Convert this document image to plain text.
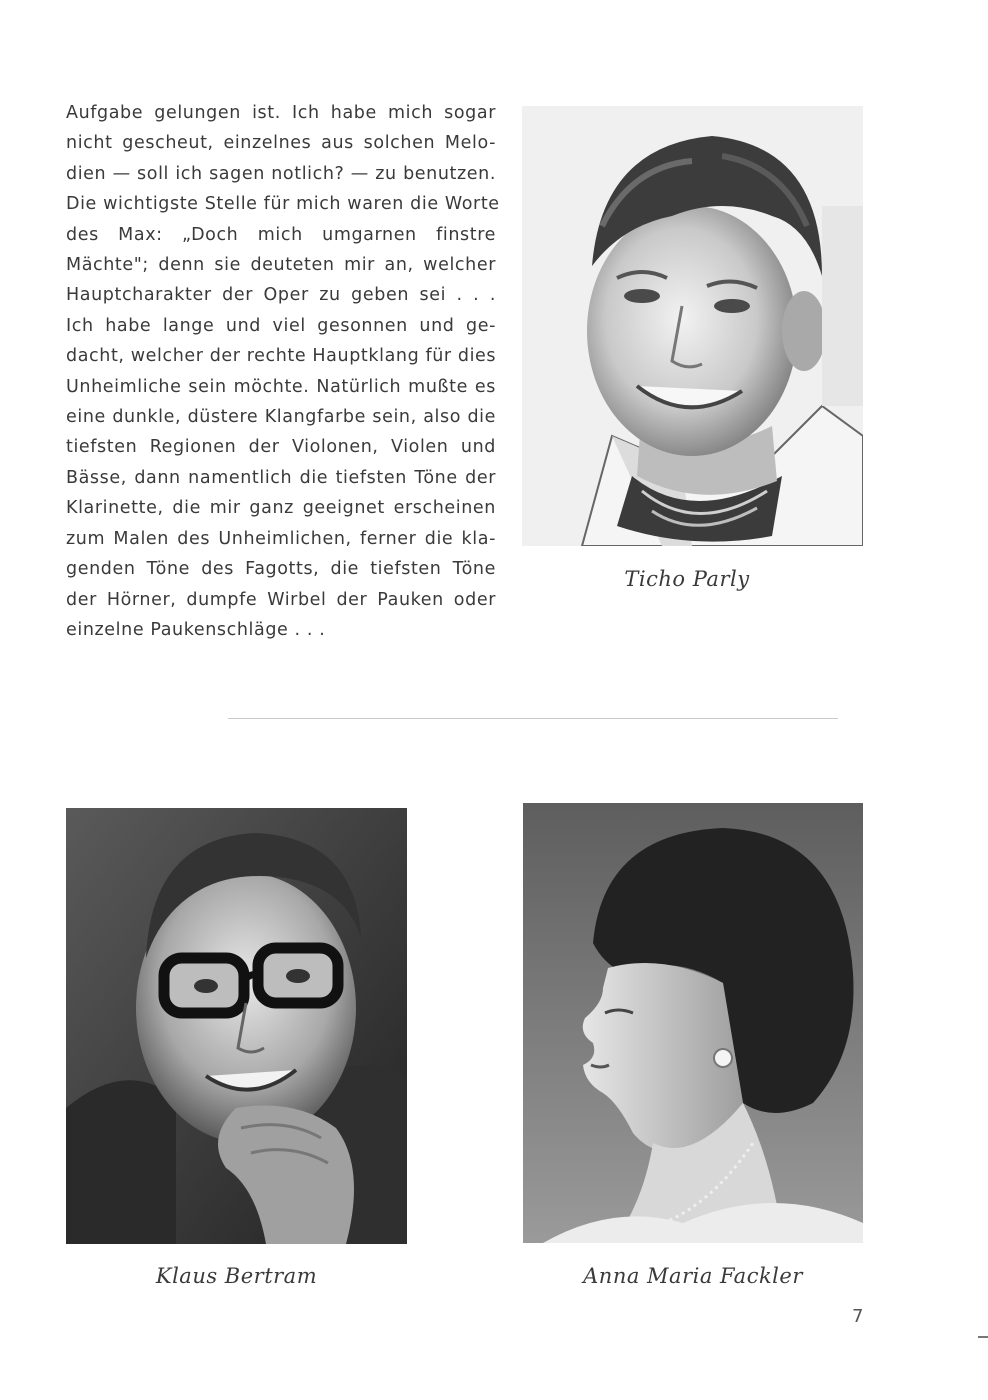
Aufgabe gelungen ist. Ich habe mich sogar
nicht gescheut, einzelnes aus solchen Melo-
dien — soll ich sagen notlich? — zu benutzen.
Die wichtigste Stelle für mich waren die Worte
des Max: „Doch mich umgarnen finstre
Mächte"; denn sie deuteten mir an, welcher
Hauptcharakter der Oper zu geben sei . . .
Ich habe lange und viel gesonnen und ge-
dacht, welcher der rechte Hauptklang für dies
Unheimliche sein möchte. Natürlich mußte es
eine dunkle, düstere Klangfarbe sein, also die
tiefsten Regionen der Violonen, Violen und
Bässe, dann namentlich die tiefsten Töne der
Klarinette, die mir ganz geeignet erscheinen
zum Malen des Unheimlichen, ferner die kla-
genden Töne des Fagotts, die tiefsten Töne
der Hörner, dumpfe Wirbel der Pauken oder
einzelne Paukenschläge . . .
Ticho Parly
Klaus Bertram	Anna Maria Fackler
7
